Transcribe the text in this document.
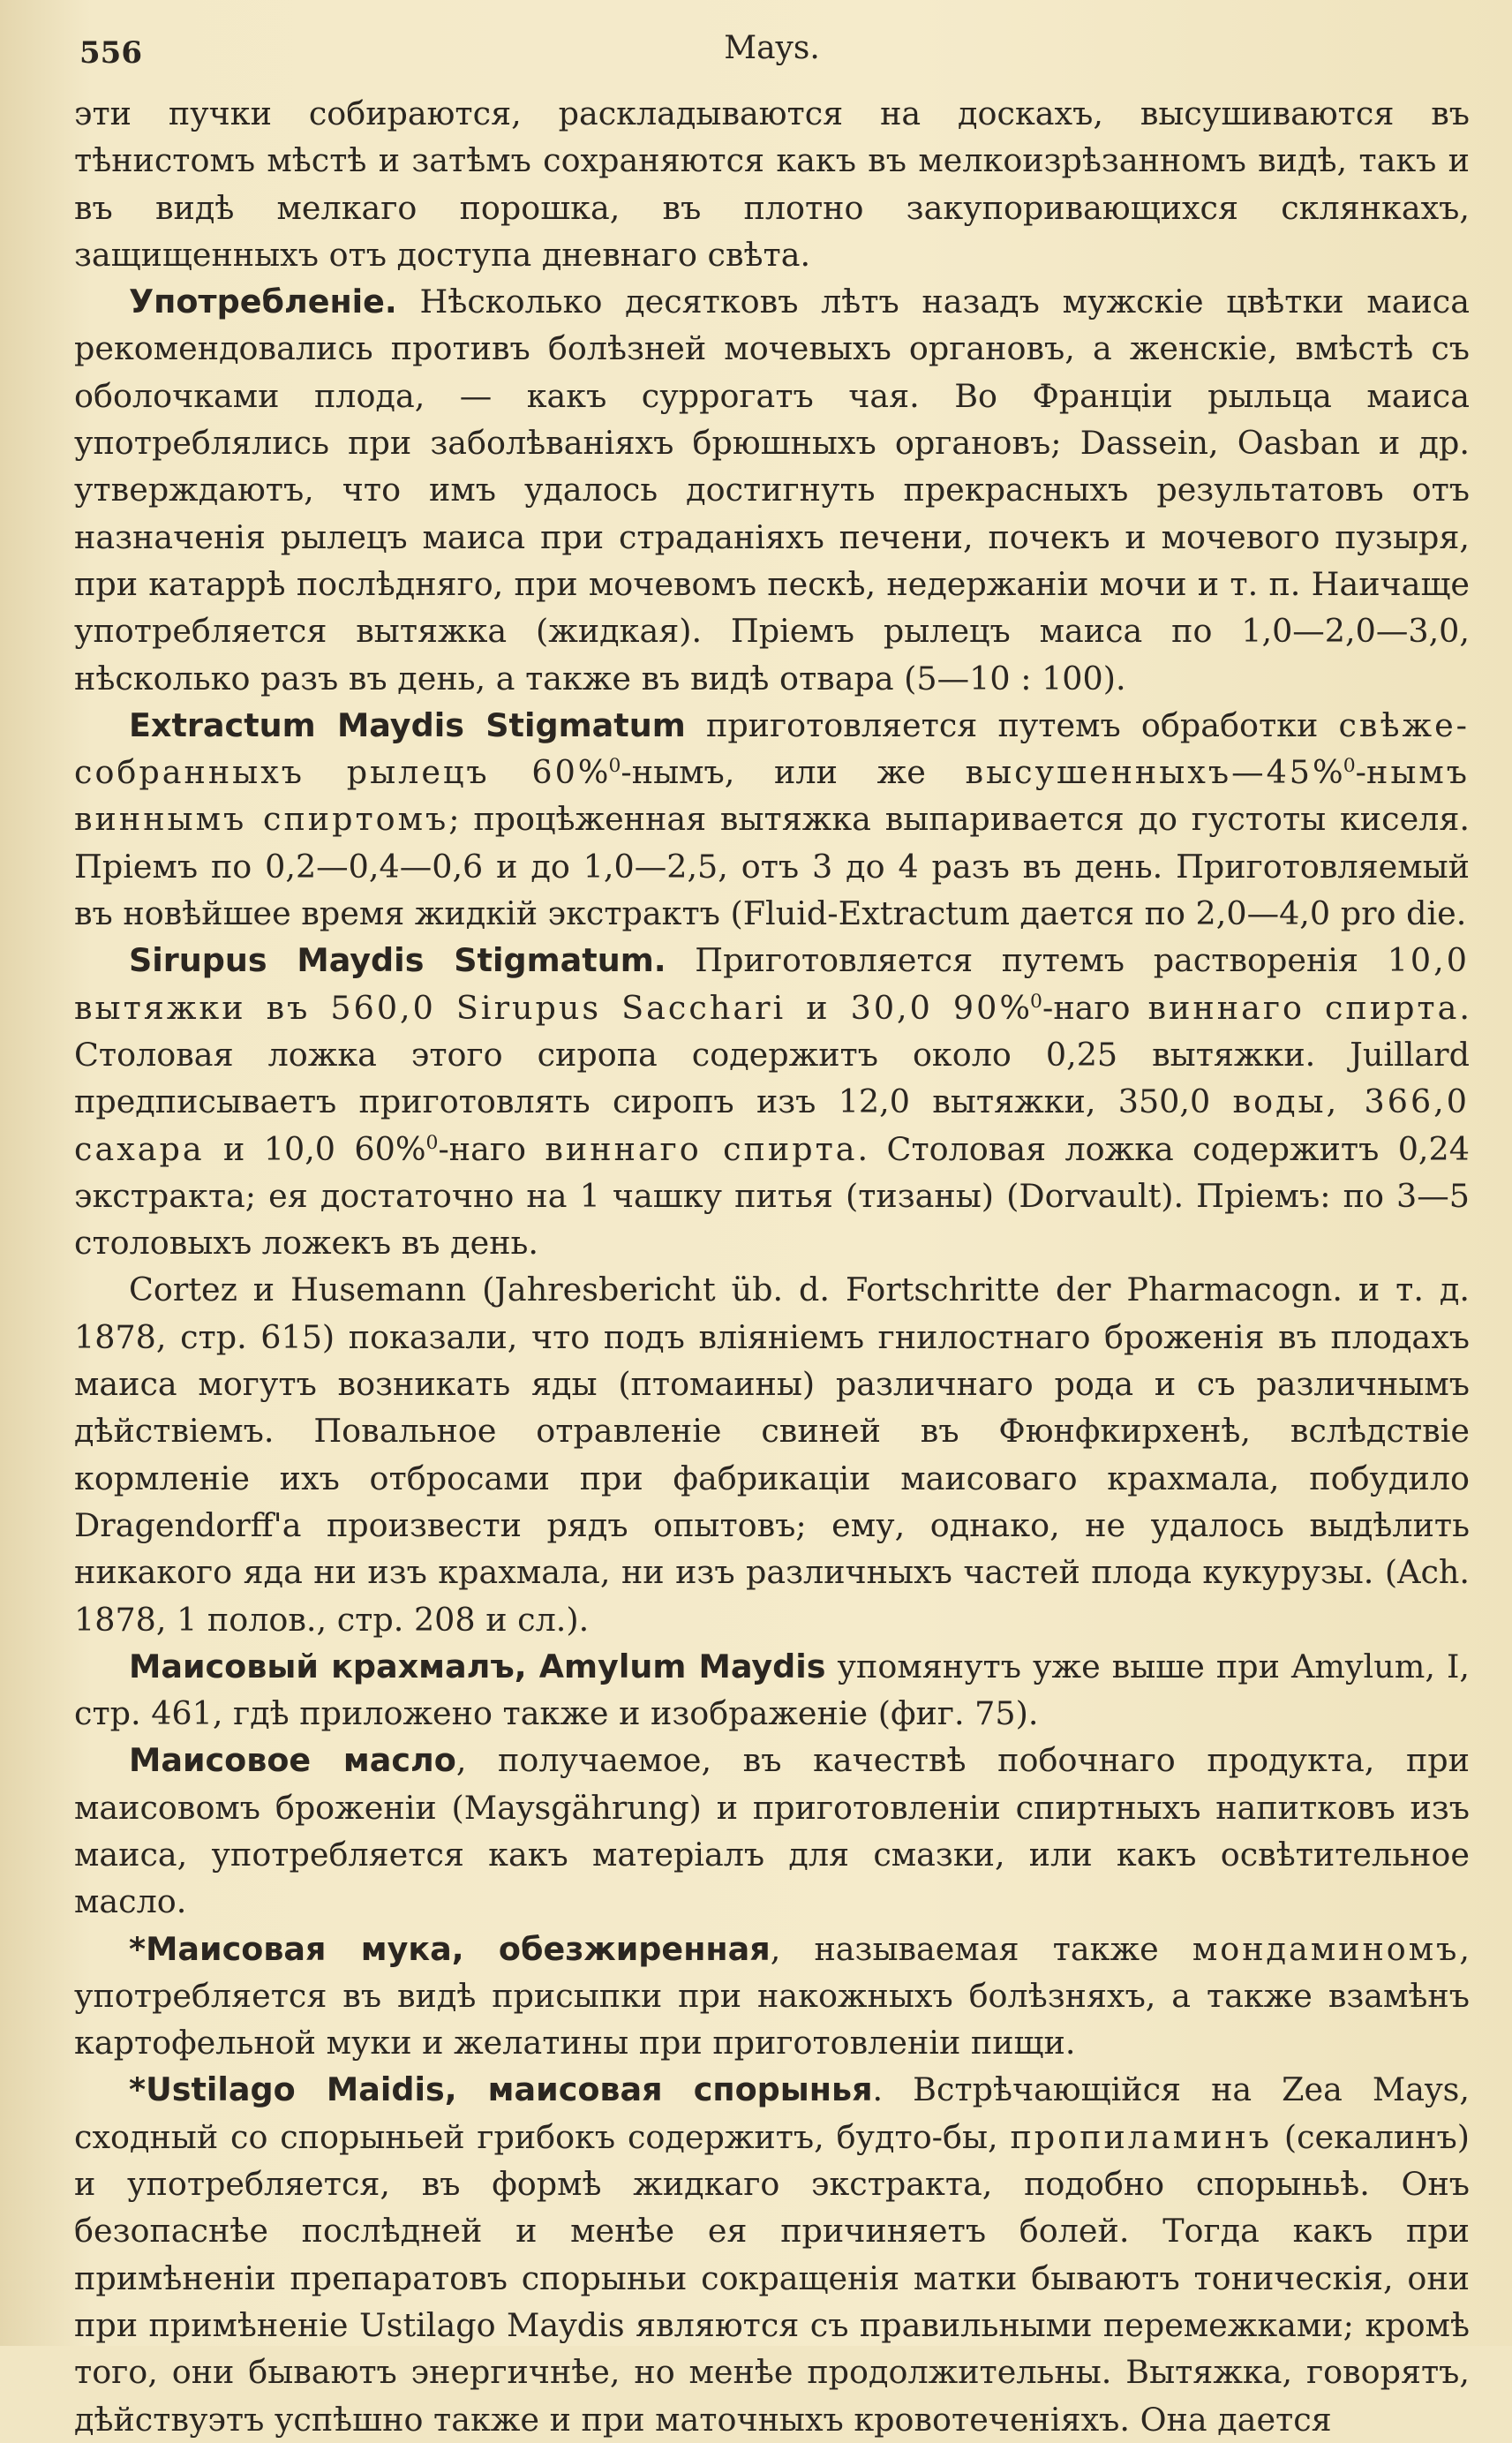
556	Mays.

эти пучки собираются, раскладываются на доскахъ, высушиваются въ тѣнистомъ мѣстѣ и затѣмъ сохраняются какъ въ мелкоизрѣзанномъ видѣ, такъ и въ видѣ мелкаго порошка, въ плотно закупоривающихся склянкахъ, защищенныхъ отъ доступа дневнаго свѣта.

Употребленіе. Нѣсколько десятковъ лѣтъ назадъ мужскіе цвѣтки маиса рекомендовались противъ болѣзней мочевыхъ органовъ, а женскіе, вмѣстѣ съ оболочками плода, — какъ суррогатъ чая. Во Франціи рыльца маиса употреблялись при заболѣваніяхъ брюшныхъ органовъ; Dassein, Oasban и др. утверждаютъ, что имъ удалось достигнуть прекрасныхъ результатовъ отъ назначенія рылецъ маиса при страданіяхъ печени, почекъ и мочевого пузыря, при катаррѣ послѣдняго, при мочевомъ пескѣ, недержаніи мочи и т. п. Наичаще употребляется вытяжка (жидкая). Пріемъ рылецъ маиса по 1,0—2,0—3,0, нѣсколько разъ въ день, а также въ видѣ отвара (5—10 : 100).

Extractum Maydis Stigmatum приготовляется путемъ обработки свѣже-собранныхъ рылецъ 60%$^0$-нымъ, или же высушенныхъ—45%$^0$-нымъ виннымъ спиртомъ; процѣженная вытяжка выпаривается до густоты киселя. Пріемъ по 0,2—0,4—0,6 и до 1,0—2,5, отъ 3 до 4 разъ въ день. Приготовляемый въ новѣйшее время жидкій экстрактъ (Fluid-Extractum дается по 2,0—4,0 pro die.

Sirupus Maydis Stigmatum. Приготовляется путемъ растворенія 10,0 вытяжки въ 560,0 Sirupus Sacchari и 30,0 90%$^0$-наго виннаго спирта. Столовая ложка этого сиропа содержитъ около 0,25 вытяжки. Juillard предписываетъ приготовлять сиропъ изъ 12,0 вытяжки, 350,0 воды, 366,0 сахара и 10,0 60%$^0$-наго виннаго спирта. Столовая ложка содержитъ 0,24 экстракта; ея достаточно на 1 чашку питья (тизаны) (Dorvault). Пріемъ: по 3—5 столовыхъ ложекъ въ день.

Cortez и Husemann (Jahresbericht üb. d. Fortschritte der Pharmacogn. и т. д. 1878, стр. 615) показали, что подъ вліяніемъ гнилостнаго броженія въ плодахъ маиса могутъ возникать яды (птомаины) различнаго рода и съ различнымъ дѣйствіемъ. Повальное отравленіе свиней въ Фюнфкирхенѣ, вслѣдствіе кормленіе ихъ отбросами при фабрикаціи маисоваго крахмала, побудило Dragendorff'а произвести рядъ опытовъ; ему, однако, не удалось выдѣлить никакого яда ни изъ крахмала, ни изъ различныхъ частей плода кукурузы. (Ach. 1878, 1 полов., стр. 208 и сл.).

Маисовый крахмалъ, Amylum Maydis упомянутъ уже выше при Amylum, I, стр. 461, гдѣ приложено также и изображеніе (фиг. 75).

Маисовое масло, получаемое, въ качествѣ побочнаго продукта, при маисовомъ броженіи (Maysgährung) и приготовленіи спиртныхъ напитковъ изъ маиса, употребляется какъ матеріалъ для смазки, или какъ освѣтительное масло.

*Маисовая мука, обезжиренная, называемая также мондаминомъ, употребляется въ видѣ присыпки при накожныхъ болѣзняхъ, а также взамѣнъ картофельной муки и желатины при приготовленіи пищи.

*Ustilago Maidis, маисовая спорынья. Встрѣчающійся на Zea Mays, сходный со спорыньей грибокъ содержитъ, будто-бы, пропиламинъ (секалинъ) и употребляется, въ формѣ жидкаго экстракта, подобно спорыньѣ. Онъ безопаснѣе послѣдней и менѣе ея причиняетъ болей. Тогда какъ при примѣненіи препаратовъ спорыньи сокращенія матки бываютъ тоническія, они при примѣненіе Ustilago Maydis являются съ правильными перемежками; кромѣ того, они бываютъ энергичнѣе, но менѣе продолжительны. Вытяжка, говорятъ, дѣйствуэтъ успѣшно также и при маточныхъ кровотеченіяхъ. Она дается
